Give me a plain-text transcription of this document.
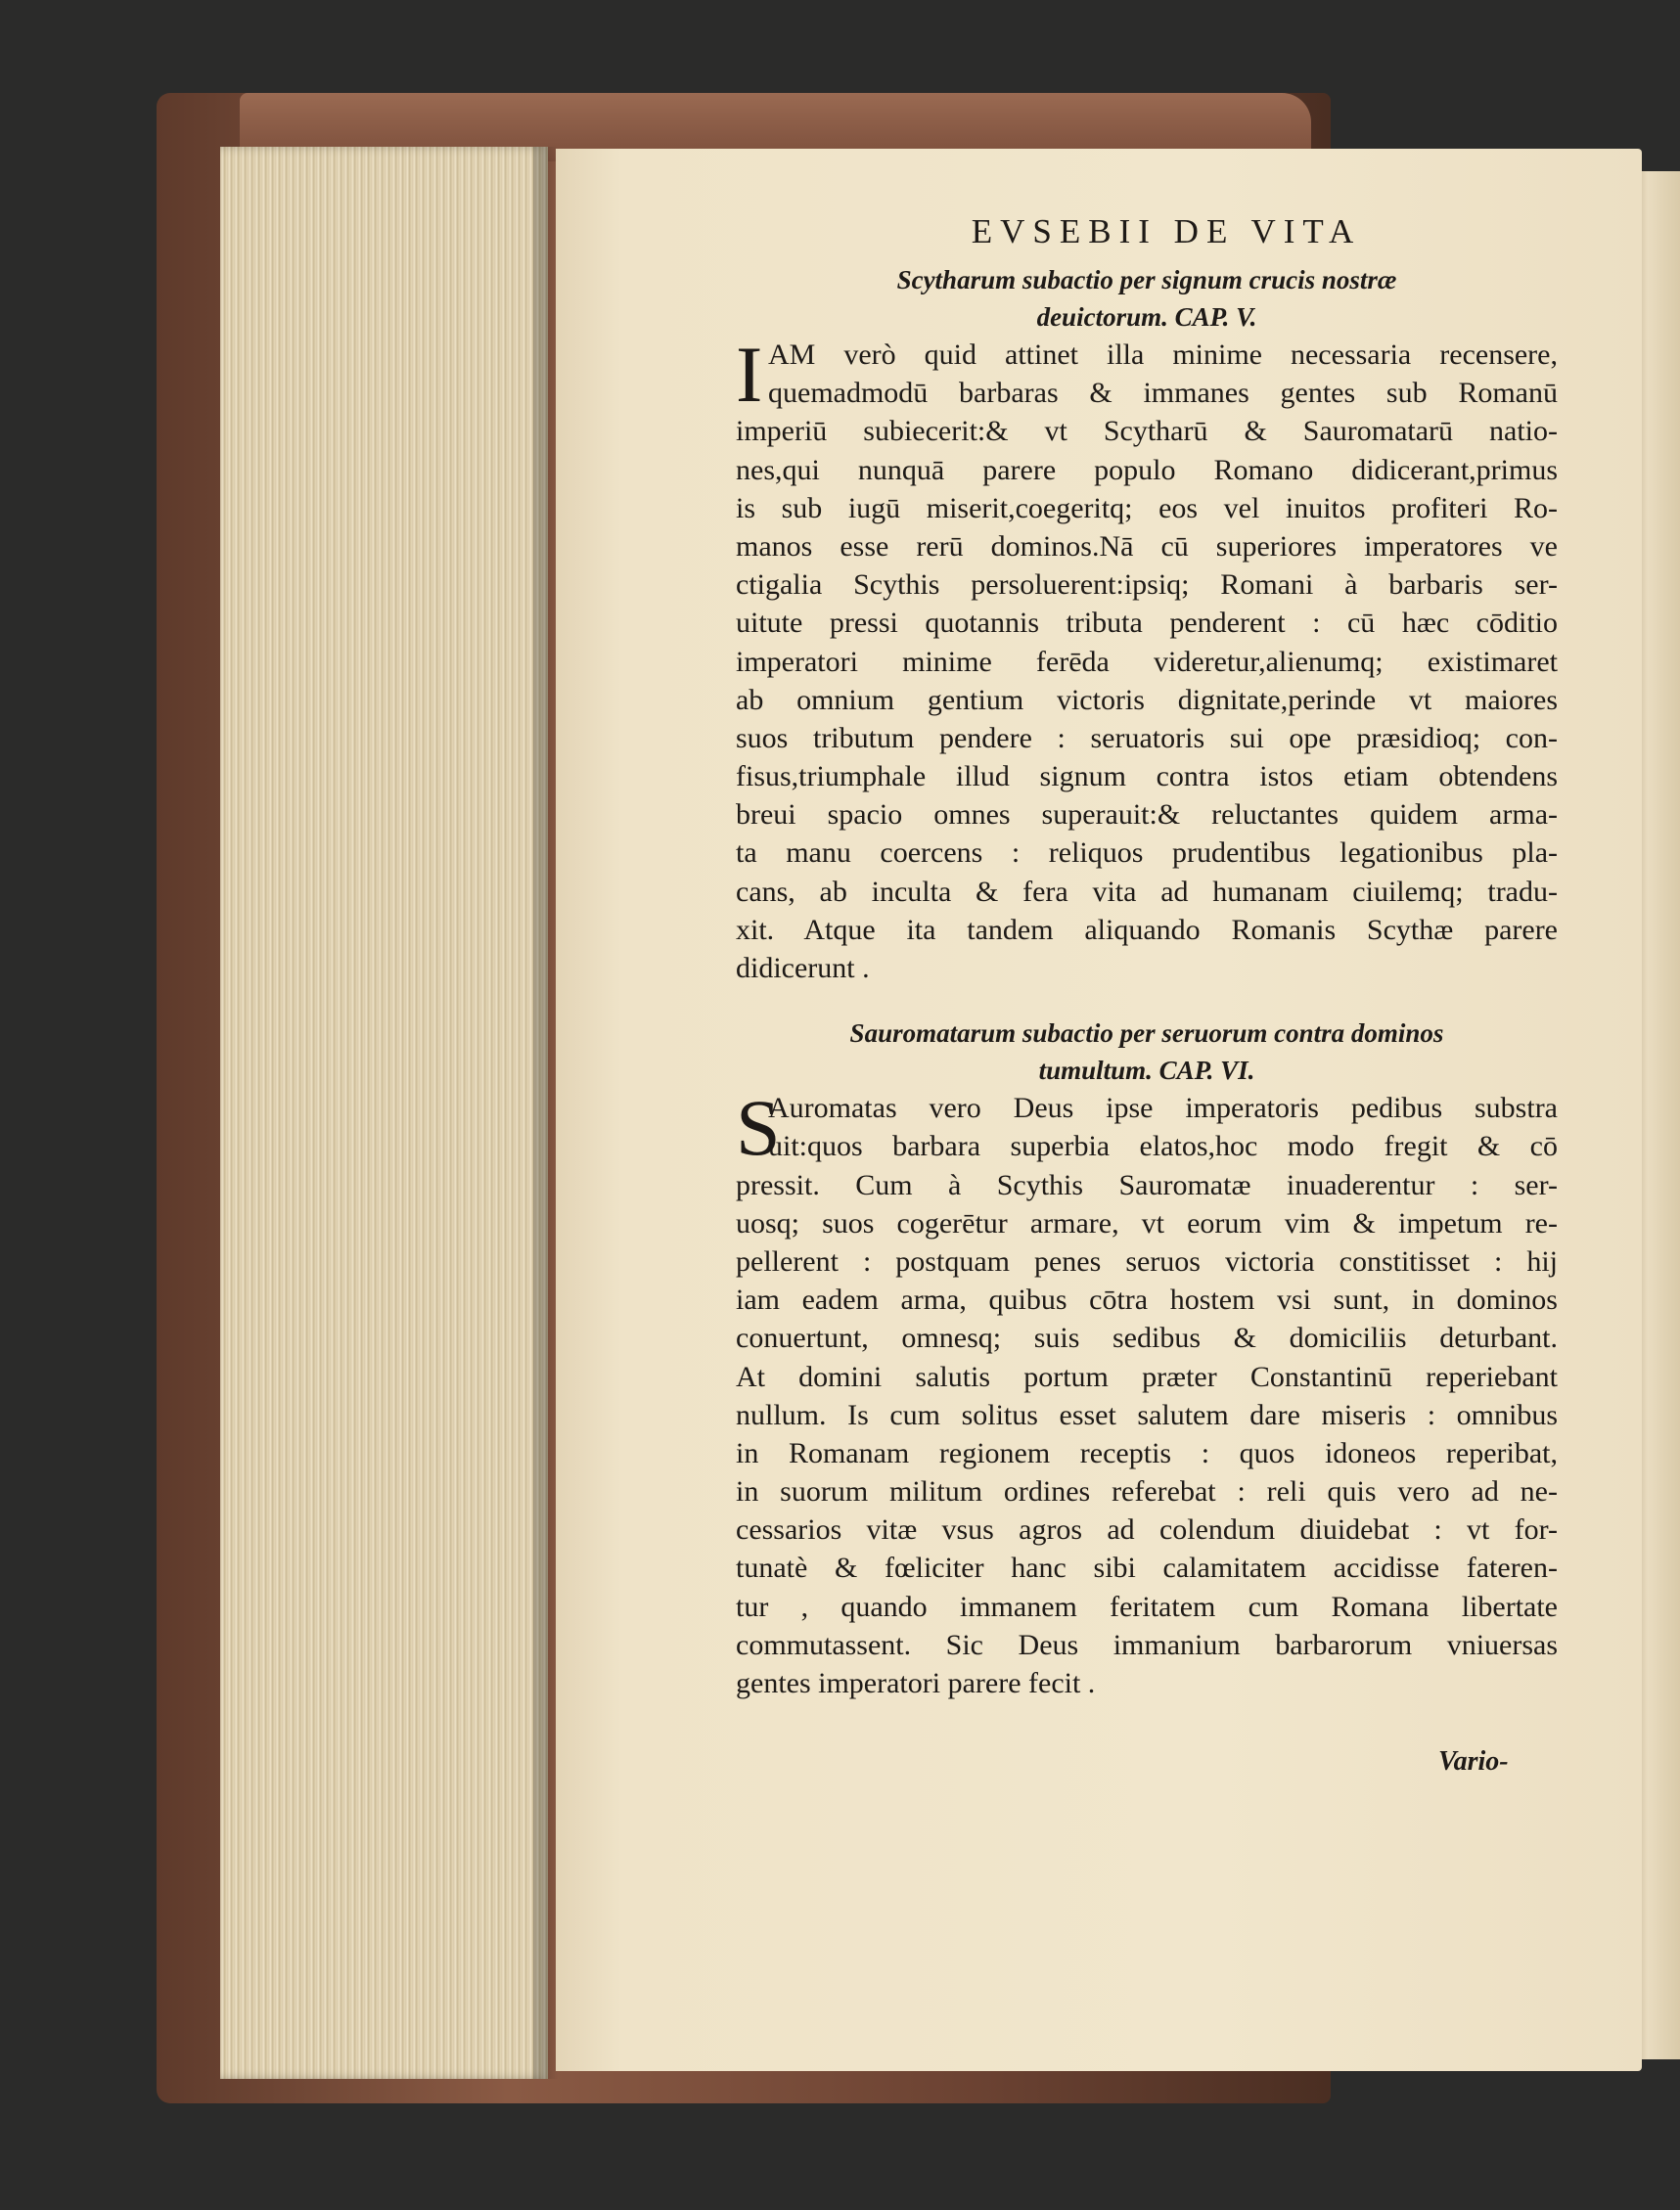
EVSEBII DE VITA
Scytharum subactio per signum crucis nostræ
deuictorum. CAP. V.
I AM verò quid attinet illa minime necessaria recensere,
quemadmodū barbaras & immanes gentes sub Romanū
imperiū subiecerit:& vt Scytharū & Sauromatarū natio-
nes,qui nunquā parere populo Romano didicerant,primus
is sub iugū miserit,coegeritq; eos vel inuitos profiteri Ro-
manos esse rerū dominos.Nā cū superiores imperatores ve
ctigalia Scythis persoluerent:ipsiq; Romani à barbaris ser-
uitute pressi quotannis tributa penderent : cū hæc cōditio
imperatori minime ferēda videretur,alienumq; existimaret
ab omnium gentium victoris dignitate,perinde vt maiores
suos tributum pendere : seruatoris sui ope præsidioq; con-
fisus,triumphale illud signum contra istos etiam obtendens
breui spacio omnes superauit:& reluctantes quidem arma-
ta manu coercens : reliquos prudentibus legationibus pla-
cans, ab inculta & fera vita ad humanam ciuilemq; tradu-
xit. Atque ita tandem aliquando Romanis Scythæ parere
didicerunt .
Sauromatarum subactio per seruorum contra dominos
tumultum. CAP. VI.
S
Auromatas vero Deus ipse imperatoris pedibus substra
uit:quos barbara superbia elatos,hoc modo fregit & cō
pressit. Cum à Scythis Sauromatæ inuaderentur : ser-
uosq; suos cogerētur armare, vt eorum vim & impetum re-
pellerent : postquam penes seruos victoria constitisset : hij
iam eadem arma, quibus cōtra hostem vsi sunt, in dominos
conuertunt, omnesq; suis sedibus & domiciliis deturbant.
At domini salutis portum præter Constantinū reperiebant
nullum. Is cum solitus esset salutem dare miseris : omnibus
in Romanam regionem receptis : quos idoneos reperibat,
in suorum militum ordines referebat : reli quis vero ad ne-
cessarios vitæ vsus agros ad colendum diuidebat : vt for-
tunatè & fœliciter hanc sibi calamitatem accidisse fateren-
tur , quando immanem feritatem cum Romana libertate
commutassent. Sic Deus immanium barbarorum vniuersas
gentes imperatori parere fecit .
Vario-
